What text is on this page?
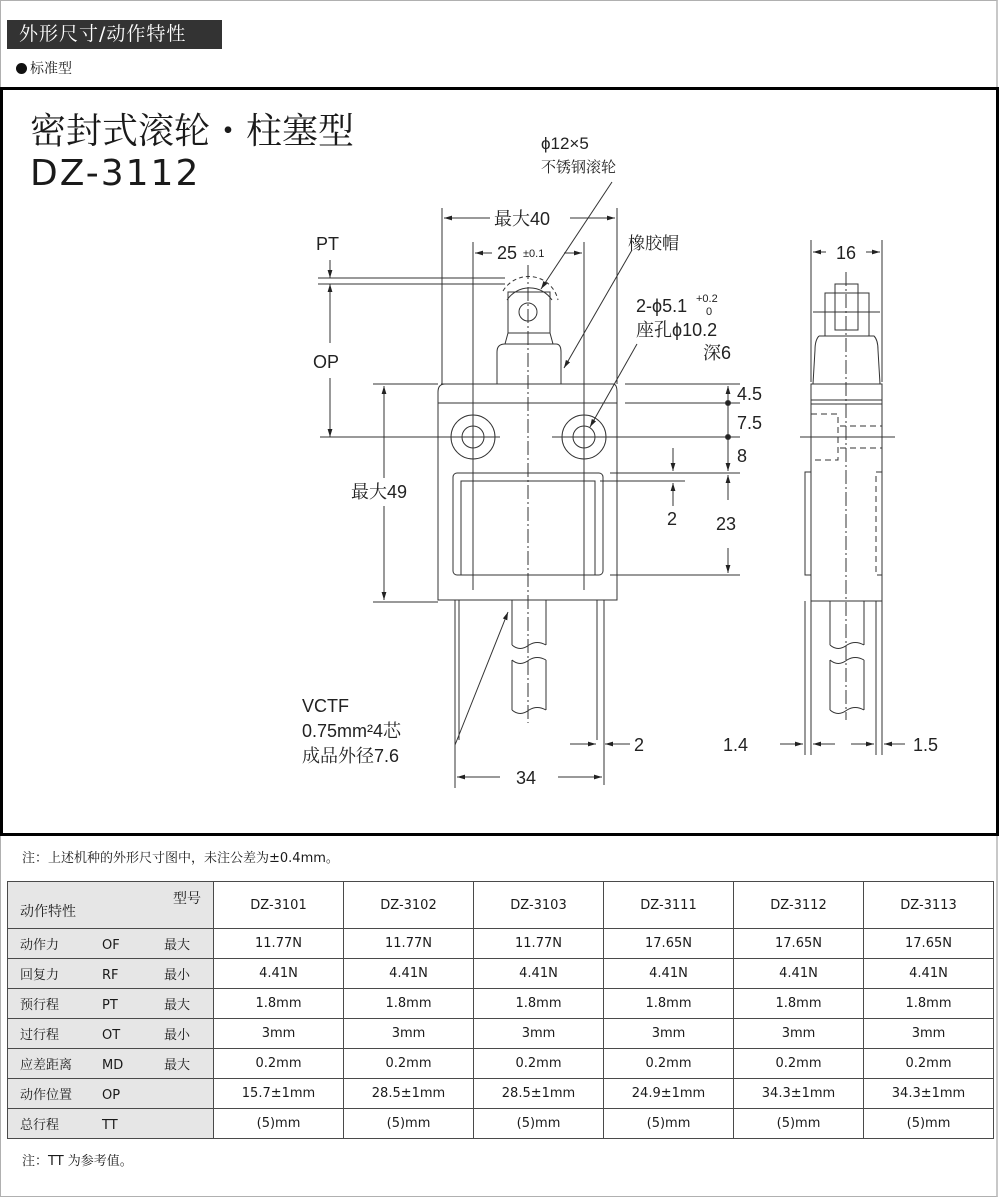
外形尺寸/动作特性
标准型
密封式滚轮・柱塞型
DZ-3112
ϕ12×5
不锈钢滚轮
最大40
25 ±0.1
橡胶帽
2-ϕ5.1 +0.2
0
座孔ϕ10.2
深6
PT
OP
最大49
4.5
7.5
8
2 23
16
VCTF
0.75mm²4芯
成品外径7.6
2
34
1.4	1.5
注：上述机种的外形尺寸图中，未注公差为±0.4mm。
型号
动作特性	DZ-3101	DZ-3102	DZ-3103	DZ-3111	DZ-3112	DZ-3113
动作力 OF 最大	11.77N	11.77N	11.77N	17.65N	17.65N	17.65N
回复力 RF 最小	4.41N	4.41N	4.41N	4.41N	4.41N	4.41N
预行程 PT 最大	1.8mm	1.8mm	1.8mm	1.8mm	1.8mm	1.8mm
过行程 OT 最小	3mm	3mm	3mm	3mm	3mm	3mm
应差距离 MD 最大	0.2mm	0.2mm	0.2mm	0.2mm	0.2mm	0.2mm
动作位置 OP	15.7±1mm	28.5±1mm	28.5±1mm	24.9±1mm	34.3±1mm	34.3±1mm
总行程 TT	(5)mm	(5)mm	(5)mm	(5)mm	(5)mm	(5)mm
注：TT 为参考值。
